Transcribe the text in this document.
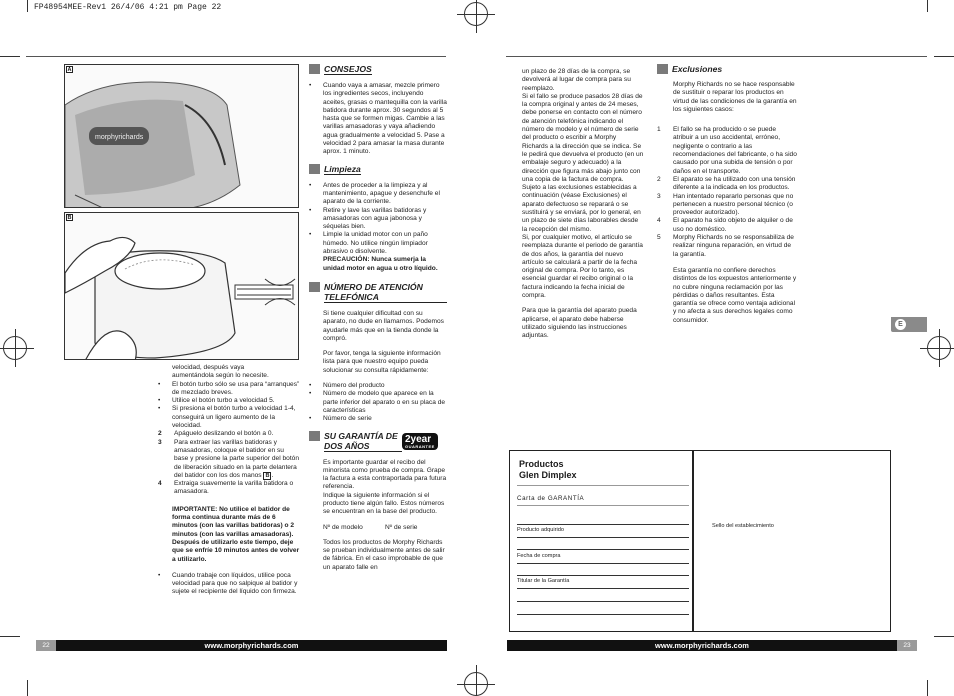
FP48954MEE-Rev1 26/4/06 4:21 pm Page 22
A
morphyrichards
B
velocidad, después vaya
aumentándola según lo necesite.
• El botón turbo sólo se usa para “arranques” de mezclado breves.
• Utilice el botón turbo a velocidad 5.
• Si presiona el botón turbo a velocidad 1-4, conseguirá un ligero aumento de la velocidad.
2	Apáguelo deslizando el botón a 0.
3	Para extraer las varillas batidoras y amasadoras, coloque el batidor en su base y presione la parte superior del botón de liberación situado en la parte delantera del batidor con los dos manos B .
4	Extraiga suavemente la varilla batidora o amasadora.

IMPORTANTE: No utilice el batidor de forma continua durante más de 6 minutos (con las varillas batidoras) o 2 minutos (con las varillas amasadoras). Después de utilizarlo este tiempo, deje que se enfríe 10 minutos antes de volver a utilizarlo.

• Cuando trabaje con líquidos, utilice poca velocidad para que no salpique al batidor y sujete el recipiente del líquido con firmeza.
CONSEJOS
• Cuando vaya a amasar, mezcle primero los ingredientes secos, incluyendo aceites, grasas o mantequilla con la varilla batidora durante aprox. 30 segundos al 5 hasta que se formen migas. Cambie a las varillas amasadoras y vaya añadiendo agua gradualmente a velocidad 5. Pase a velocidad 2 para amasar la masa durante aprox. 1 minuto.
Limpieza
• Antes de proceder a la limpieza y al mantenimiento, apague y desenchufe el aparato de la corriente.
• Retire y lave las varillas batidoras y amasadoras con agua jabonosa y séquelas bien.
• Limpie la unidad motor con un paño húmedo. No utilice ningún limpiador abrasivo o disolvente.

PRECAUCIÓN: Nunca sumerja la unidad motor en agua u otro líquido.

NÚMERO DE ATENCIÓN TELEFÓNICA

Si tiene cualquier dificultad con su aparato, no dude en llamarnos. Podemos ayudarle más que en la tienda donde la compró.

Por favor, tenga la siguiente información lista para que nuestro equipo pueda solucionar su consulta rápidamente:

• Número del producto
• Número de modelo que aparece en la parte inferior del aparato o en su placa de características
• Número de serie
SU GARANTÍA DE DOS AÑOS
2year
GUARANTEE

Es importante guardar el recibo del minorista como prueba de compra. Grape la factura a esta contraportada para futura referencia.

Indique la siguiente información si el producto tiene algún fallo. Estos números se encuentran en la base del producto.

Nº de modelo	Nº de serie

Todos los productos de Morphy Richards se prueban individualmente antes de salir de fábrica. En el caso improbable de que un aparato falle en

un plazo de 28 días de la compra, se devolverá al lugar de compra para su reemplazo.

Si el fallo se produce pasados 28 días de la compra original y antes de 24 meses, debe ponerse en contacto con el número de atención telefónica indicando el número de modelo y el número de serie del producto o escribir a Morphy Richards a la dirección que se indica. Se le pedirá que devuelva el producto (en un embalaje seguro y adecuado) a la dirección que figura más abajo junto con una copia de la factura de compra.

Sujeto a las exclusiones establecidas a continuación (véase Exclusiones) el aparato defectuoso se reparará o se sustituirá y se enviará, por lo general, en un plazo de siete días laborables desde la recepción del mismo.

Si, por cualquier motivo, el artículo se reemplaza durante el periodo de garantía de dos años, la garantía del nuevo artículo se calculará a partir de la fecha original de compra. Por lo tanto, es esencial guardar el recibo original o la factura indicando la fecha inicial de compra.

Para que la garantía del aparato pueda aplicarse, el aparato debe haberse utilizado siguiendo las instrucciones adjuntas.

Exclusiones

Morphy Richards no se hace responsable de sustituir o reparar los productos en virtud de las condiciones de la garantía en los siguientes casos:

1	El fallo se ha producido o se puede atribuir a un uso accidental, erróneo, negligente o contrario a las recomendaciones del fabricante, o ha sido causado por una subida de tensión o por daños en el transporte.
2	El aparato se ha utilizado con una tensión diferente a la indicada en los productos.
3	Han intentado repararlo personas que no pertenecen a nuestro personal técnico (o proveedor autorizado).
4	El aparato ha sido objeto de alquiler o de uso no doméstico.
5	Morphy Richards no se responsabiliza de realizar ninguna reparación, en virtud de la garantía.

Esta garantía no confiere derechos distintos de los expuestos anteriormente y no cubre ninguna reclamación por las pérdidas o daños resultantes. Esta garantía se ofrece como ventaja adicional y no afecta a sus derechos legales como consumidor.

E
Productos
Glen Dimplex
Carta de GARANTÍA
Producto adquirido
Fecha de compra
Titular de la Garantía
Sello del establecimiento
22	www.morphyrichards.com	www.morphyrichards.com	23
